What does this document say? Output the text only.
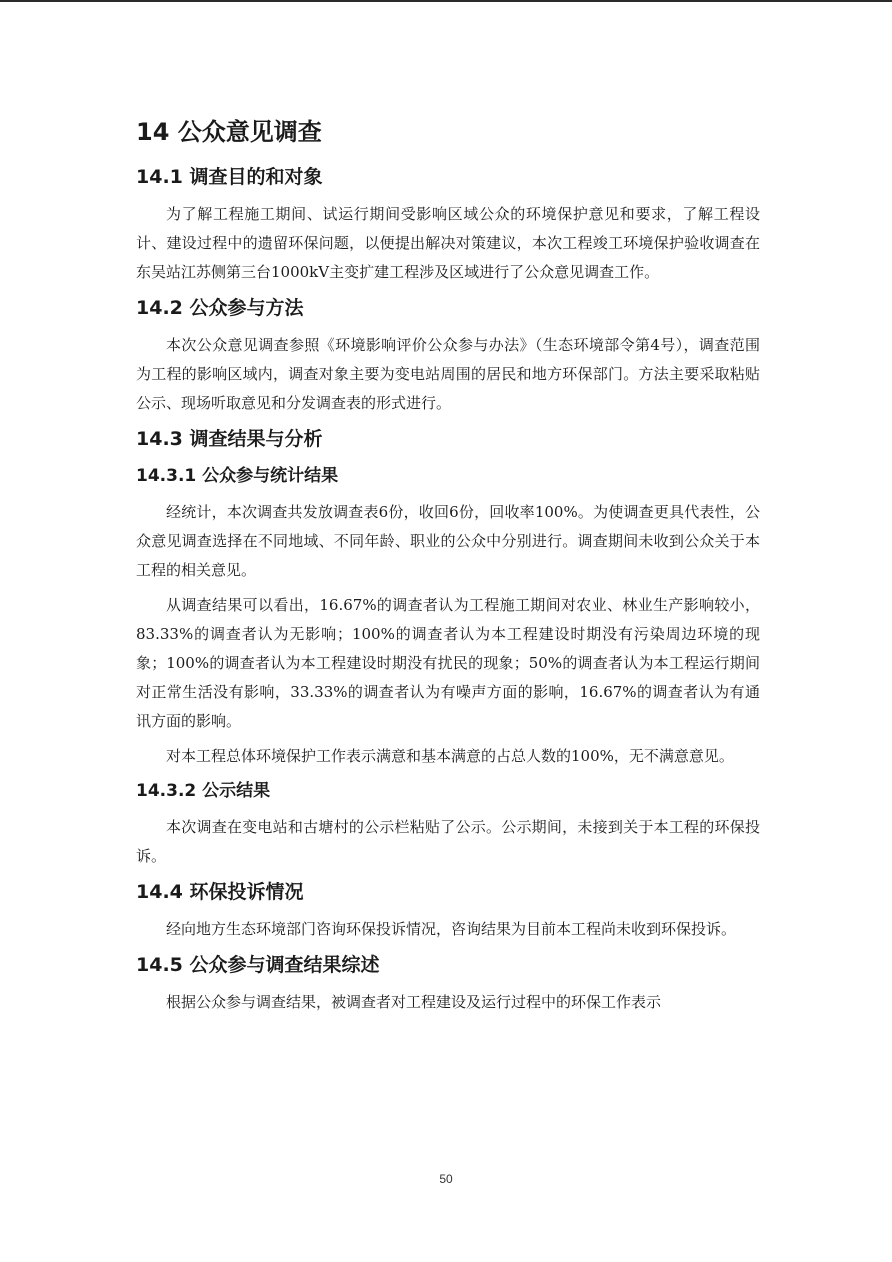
14 公众意见调查
14.1 调查目的和对象

为了解工程施工期间、试运行期间受影响区域公众的环境保护意见和要求，了解工程设计、建设过程中的遗留环保问题，以便提出解决对策建议，本次工程竣工环境保护验收调查在东吴站江苏侧第三台1000kV主变扩建工程涉及区域进行了公众意见调查工作。

14.2 公众参与方法

本次公众意见调查参照《环境影响评价公众参与办法》（生态环境部令第4号），调查范围为工程的影响区域内，调查对象主要为变电站周围的居民和地方环保部门。方法主要采取粘贴公示、现场听取意见和分发调查表的形式进行。

14.3 调查结果与分析
14.3.1 公众参与统计结果

经统计，本次调查共发放调查表6份，收回6份，回收率100%。为使调查更具代表性，公众意见调查选择在不同地域、不同年龄、职业的公众中分别进行。调查期间未收到公众关于本工程的相关意见。

从调查结果可以看出，16.67%的调查者认为工程施工期间对农业、林业生产影响较小，83.33%的调查者认为无影响；100%的调查者认为本工程建设时期没有污染周边环境的现象；100%的调查者认为本工程建设时期没有扰民的现象；50%的调查者认为本工程运行期间对正常生活没有影响，33.33%的调查者认为有噪声方面的影响，16.67%的调查者认为有通讯方面的影响。

对本工程总体环境保护工作表示满意和基本满意的占总人数的100%，无不满意意见。

14.3.2 公示结果

本次调查在变电站和古塘村的公示栏粘贴了公示。公示期间，未接到关于本工程的环保投诉。

14.4 环保投诉情况

经向地方生态环境部门咨询环保投诉情况，咨询结果为目前本工程尚未收到环保投诉。

14.5 公众参与调查结果综述

根据公众参与调查结果，被调查者对工程建设及运行过程中的环保工作表示

50
